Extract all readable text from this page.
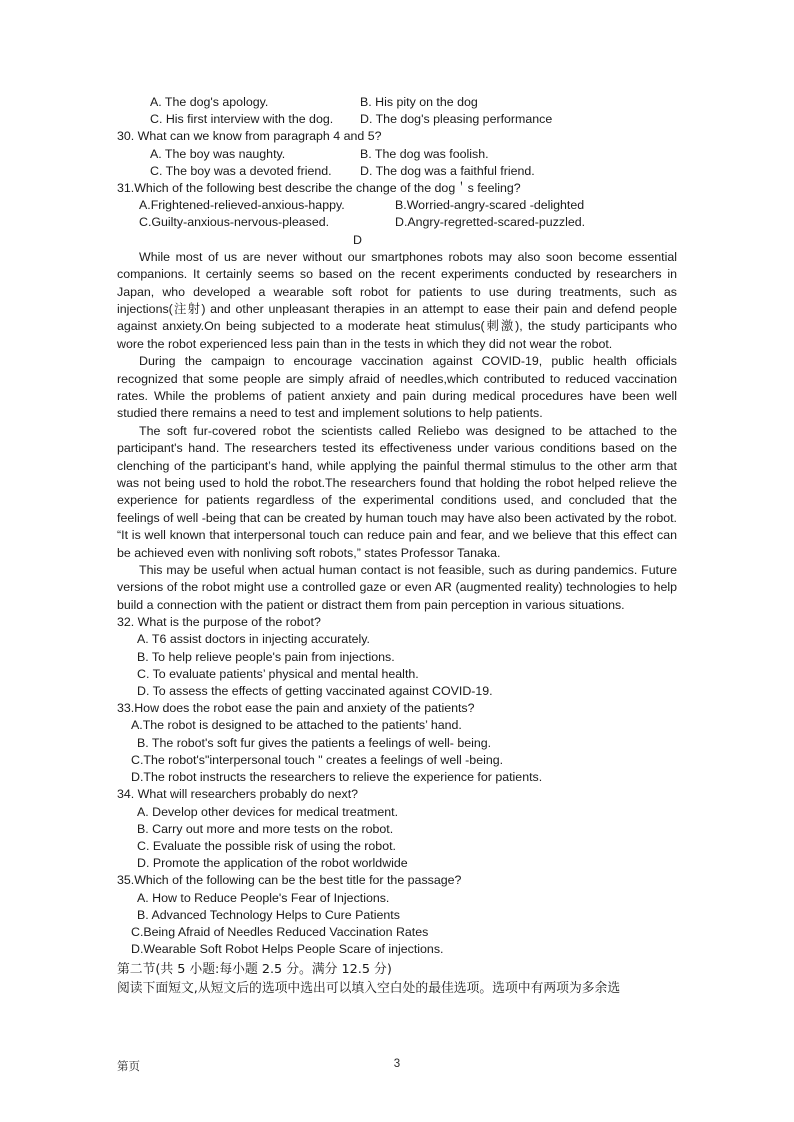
A. The dog's apology.	B. His pity on the dog
C. His first interview with the dog. D. The dog's pleasing performance
30. What can we know from paragraph 4 and 5?
A. The boy was naughty.	B. The dog was foolish.
C. The boy was a devoted friend. D. The dog was a faithful friend.
31.Which of the following best describe the change of the dog＇s feeling?
A.Frightened-relieved-anxious-happy.	B.Worried-angry-scared -delighted
C.Guilty-anxious-nervous-pleased.	D.Angry-regretted-scared-puzzled.
D

While most of us are never without our smartphones robots may also soon become essential companions. It certainly seems so based on the recent experiments conducted by researchers in Japan, who developed a wearable soft robot for patients to use during treatments, such as injections(注射) and other unpleasant therapies in an attempt to ease their pain and defend people against anxiety.On being subjected to a moderate heat stimulus(刺激), the study participants who wore the robot experienced less pain than in the tests in which they did not wear the robot.

During the campaign to encourage vaccination against COVID-19, public health officials recognized that some people are simply afraid of needles,which contributed to reduced vaccination rates. While the problems of patient anxiety and pain during medical procedures have been well studied there remains a need to test and implement solutions to help patients.

The soft fur-covered robot the scientists called Reliebo was designed to be attached to the participant's hand. The researchers tested its effectiveness under various conditions based on the clenching of the participant’s hand, while applying the painful thermal stimulus to the other arm that was not being used to hold the robot.The researchers found that holding the robot helped relieve the experience for patients regardless of the experimental conditions used, and concluded that the feelings of well -being that can be created by human touch may have also been activated by the robot. “It is well known that interpersonal touch can reduce pain and fear, and we believe that this effect can be achieved even with nonliving soft robots,” states Professor Tanaka.

This may be useful when actual human contact is not feasible, such as during pandemics. Future versions of the robot might use a controlled gaze or even AR (augmented reality) technologies to help build a connection with the patient or distract them from pain perception in various situations.

32. What is the purpose of the robot?
A. T6 assist doctors in injecting accurately.
B. To help relieve people's pain from injections.
C. To evaluate patients’ physical and mental health.
D. To assess the effects of getting vaccinated against COVID-19.
33.How does the robot ease the pain and anxiety of the patients?
A.The robot is designed to be attached to the patients’ hand.
B. The robot's soft fur gives the patients a feelings of well- being.
C.The robot's"interpersonal touch " creates a feelings of well -being.
D.The robot instructs the researchers to relieve the experience for patients.
34. What will researchers probably do next?
A. Develop other devices for medical treatment.
B. Carry out more and more tests on the robot.
C. Evaluate the possible risk of using the robot.
D. Promote the application of the robot worldwide
35.Which of the following can be the best title for the passage?
A. How to Reduce People's Fear of Injections.
B. Advanced Technology Helps to Cure Patients
C.Being Afraid of Needles Reduced Vaccination Rates
D.Wearable Soft Robot Helps People Scare of injections.
第二节(共 5 小题:每小题 2.5 分。满分 12.5 分)
阅读下面短文,从短文后的选项中选出可以填入空白处的最佳选项。选项中有两项为多余选
第页	3
